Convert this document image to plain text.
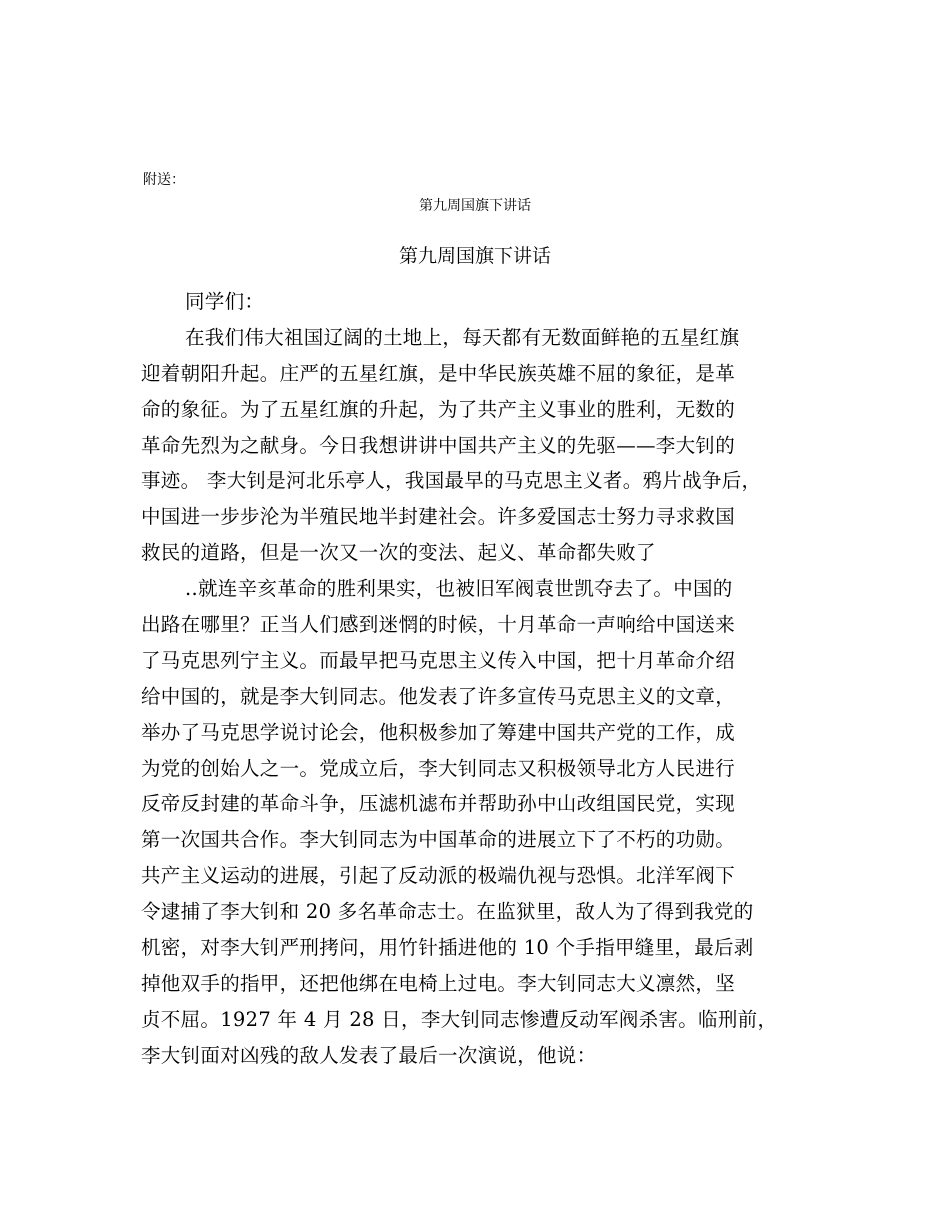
附送：
第九周国旗下讲话
第九周国旗下讲话
同学们：
在我们伟大祖国辽阔的土地上，每天都有无数面鲜艳的五星红旗
迎着朝阳升起。庄严的五星红旗，是中华民族英雄不屈的象征，是革
命的象征。为了五星红旗的升起，为了共产主义事业的胜利，无数的
革命先烈为之献身。今日我想讲讲中国共产主义的先驱——李大钊的
事迹。 李大钊是河北乐亭人，我国最早的马克思主义者。鸦片战争后，
中国进一步步沦为半殖民地半封建社会。许多爱国志士努力寻求救国
救民的道路，但是一次又一次的变法、起义、革命都失败了
..就连辛亥革命的胜利果实，也被旧军阀袁世凯夺去了。中国的
出路在哪里？正当人们感到迷惘的时候，十月革命一声响给中国送来
了马克思列宁主义。而最早把马克思主义传入中国，把十月革命介绍
给中国的，就是李大钊同志。他发表了许多宣传马克思主义的文章，
举办了马克思学说讨论会，他积极参加了筹建中国共产党的工作，成
为党的创始人之一。党成立后，李大钊同志又积极领导北方人民进行
反帝反封建的革命斗争，压滤机滤布并帮助孙中山改组国民党，实现
第一次国共合作。李大钊同志为中国革命的进展立下了不朽的功勋。
共产主义运动的进展，引起了反动派的极端仇视与恐惧。北洋军阀下
令逮捕了李大钊和 20 多名革命志士。在监狱里，敌人为了得到我党的
机密，对李大钊严刑拷问，用竹针插进他的 10 个手指甲缝里，最后剥
掉他双手的指甲，还把他绑在电椅上过电。李大钊同志大义凛然，坚
贞不屈。1927 年 4 月 28 日，李大钊同志惨遭反动军阀杀害。临刑前，
李大钊面对凶残的敌人发表了最后一次演说，他说：
